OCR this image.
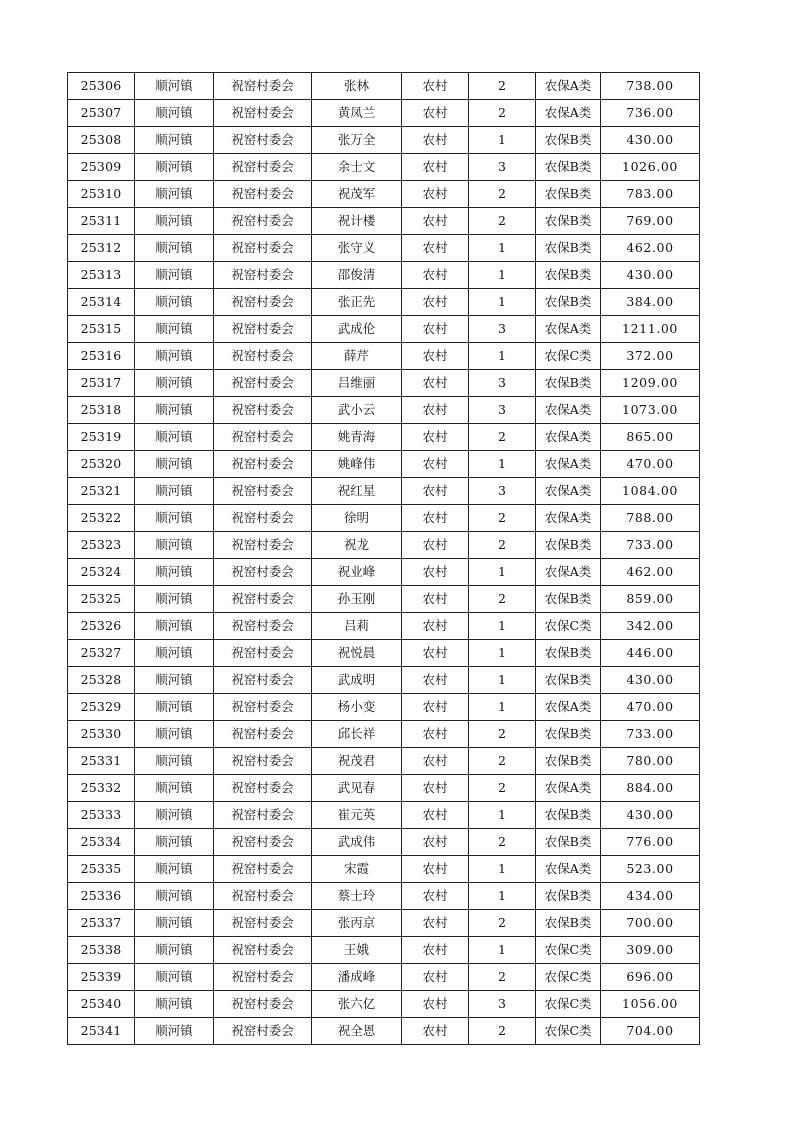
25306	顺河镇	祝窑村委会	张林	农村	2	农保A类	738.00
25307	顺河镇	祝窑村委会	黄凤兰	农村	2	农保A类	736.00
25308	顺河镇	祝窑村委会	张万全	农村	1	农保B类	430.00
25309	顺河镇	祝窑村委会	余士文	农村	3	农保B类	1026.00
25310	顺河镇	祝窑村委会	祝茂军	农村	2	农保B类	783.00
25311	顺河镇	祝窑村委会	祝计楼	农村	2	农保B类	769.00
25312	顺河镇	祝窑村委会	张守义	农村	1	农保B类	462.00
25313	顺河镇	祝窑村委会	邵俊清	农村	1	农保B类	430.00
25314	顺河镇	祝窑村委会	张正先	农村	1	农保B类	384.00
25315	顺河镇	祝窑村委会	武成伦	农村	3	农保A类	1211.00
25316	顺河镇	祝窑村委会	薛芹	农村	1	农保C类	372.00
25317	顺河镇	祝窑村委会	吕维丽	农村	3	农保B类	1209.00
25318	顺河镇	祝窑村委会	武小云	农村	3	农保A类	1073.00
25319	顺河镇	祝窑村委会	姚青海	农村	2	农保A类	865.00
25320	顺河镇	祝窑村委会	姚峰伟	农村	1	农保A类	470.00
25321	顺河镇	祝窑村委会	祝红星	农村	3	农保A类	1084.00
25322	顺河镇	祝窑村委会	徐明	农村	2	农保A类	788.00
25323	顺河镇	祝窑村委会	祝龙	农村	2	农保B类	733.00
25324	顺河镇	祝窑村委会	祝业峰	农村	1	农保A类	462.00
25325	顺河镇	祝窑村委会	孙玉刚	农村	2	农保B类	859.00
25326	顺河镇	祝窑村委会	吕莉	农村	1	农保C类	342.00
25327	顺河镇	祝窑村委会	祝悦晨	农村	1	农保B类	446.00
25328	顺河镇	祝窑村委会	武成明	农村	1	农保B类	430.00
25329	顺河镇	祝窑村委会	杨小变	农村	1	农保A类	470.00
25330	顺河镇	祝窑村委会	邱长祥	农村	2	农保B类	733.00
25331	顺河镇	祝窑村委会	祝茂君	农村	2	农保B类	780.00
25332	顺河镇	祝窑村委会	武见春	农村	2	农保A类	884.00
25333	顺河镇	祝窑村委会	崔元英	农村	1	农保B类	430.00
25334	顺河镇	祝窑村委会	武成伟	农村	2	农保B类	776.00
25335	顺河镇	祝窑村委会	宋霞	农村	1	农保A类	523.00
25336	顺河镇	祝窑村委会	蔡士玲	农村	1	农保B类	434.00
25337	顺河镇	祝窑村委会	张丙京	农村	2	农保B类	700.00
25338	顺河镇	祝窑村委会	王娥	农村	1	农保C类	309.00
25339	顺河镇	祝窑村委会	潘成峰	农村	2	农保C类	696.00
25340	顺河镇	祝窑村委会	张六亿	农村	3	农保C类	1056.00
25341	顺河镇	祝窑村委会	祝全恩	农村	2	农保C类	704.00
